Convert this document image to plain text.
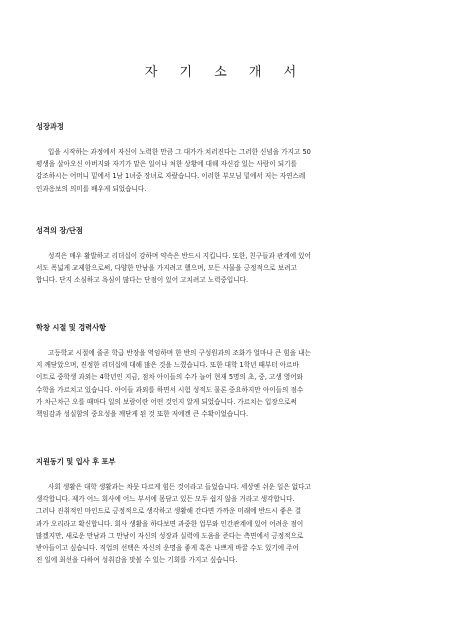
자 기 소 개 서
성장과정

입을 시작하는 과정에서 자신이 노력한 만큼 그 대가가 치러진다는 그러한 신념을 가지고 50
평생을 살아오신 아버지와 자기가 맡은 일이나 처한 상황에 대해 자신감 있는 사람이 되기를
강조하시는 어머니 밑에서 1남 1녀중 장녀로 자랐습니다. 이러한 부모님 밑에서 저는 자연스레
인과응보의 의미를 배우게 되었습니다.

성격의 장/단점

성격은 매우 활발하고 리더십이 강하며 약속은 반드시 지킵니다. 또한, 친구들과 관계에 있어
서도 폭넓게 교제함으로써, 다양한 만남을 가지려고 했으며, 모든 사물을 긍정적으로 보려고
합니다. 단지 소심하고 욕심이 많다는 단점이 있어 고치려고 노력중입니다.

학창 시절 및 경력사항

고등학교 시절에 줄곧 학급 반장을 역임하며 한 반의 구성원과의 조화가 얼마나 큰 힘을 내는
지 깨닫았으며, 진정한 리더십에 대해 많은 것을 느꼈습니다. 또한 대학 1학년 때부터 아르바
이트로 중학생 과외는 4학년인 지금, 점차 아이들의 수가 늘어 현재 5명의 초, 중, 고생 영어와
수학을 가르치고 있습니다. 아이들 과외를 하면서 시험 성적도 물론 중요하지만 아이들의 점수
가 차근차근 오를 때마다 일의 보람이란 어떤 것인지 알게 되었습니다. 가르치는 입장으로써
책임감과 성실함의 중요성을 깨닫게 된 것 또한 저에겐 큰 수확이었습니다.

지원동기 및 입사 후 포부

사회 생활은 대학 생활과는 차뭇 다르게 힘든 것이라고 들었습니다. 세상엔 쉬운 일은 없다고
생각합니다. 제가 어느 회사에 어느 부서에 몸담고 있든 모두 쉽지 않을 거라고 생각합니다.
그러나 진취적인 마인드로 긍정적으로 생각하고 생활해 간다면 가까운 미래에 반드시 좋은 결
과가 오리라고 확신합니다. 회사 생활을 하다보면 과중한 업무와 인간관계에 있어 어려운 점이
많겠지만, 새로운 만남과 그 만남이 자신의 성장과 실력에 도움을 준다는 측면에서 긍정적으로
받아들이고 싶습니다. 직업의 선택은 자신의 운명을 좋게 혹은 나쁘게 바꿀 수도 있기에 주어
진 일에 최선을 다하여 성취감을 맛볼 수 있는 기회를 가지고 싶습니다.
